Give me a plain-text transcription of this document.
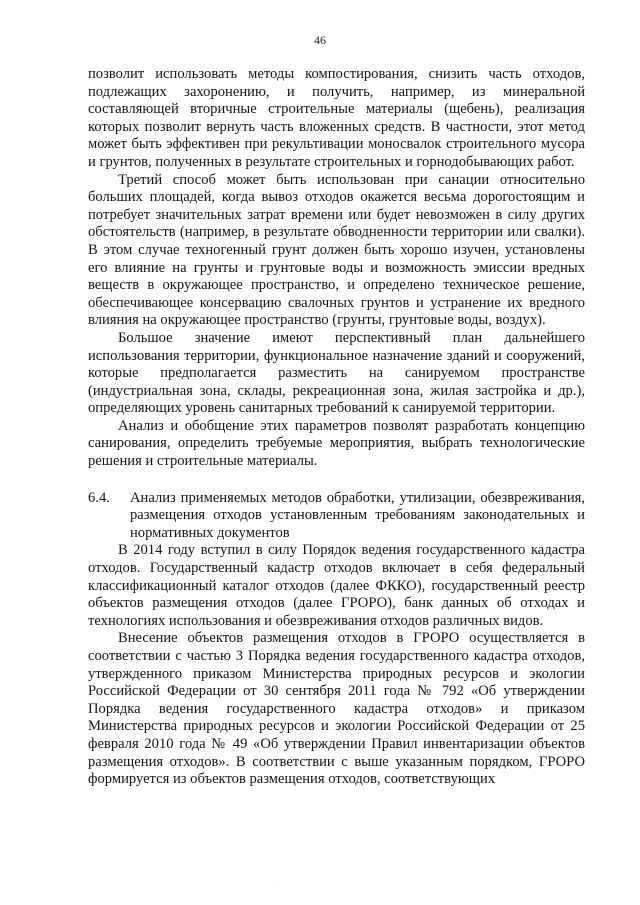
46

позволит использовать методы компостирования, снизить часть отходов, подлежащих захоронению, и получить, например, из минеральной составляющей вторичные строительные материалы (щебень), реализация которых позволит вернуть часть вложенных средств. В частности, этот метод может быть эффективен при рекультивации моносвалок строительного мусора и грунтов, полученных в результате строительных и горнодобывающих работ.

Третий способ может быть использован при санации относительно больших площадей, когда вывоз отходов окажется весьма дорогостоящим и потребует значительных затрат времени или будет невозможен в силу других обстоятельств (например, в результате обводненности территории или свалки). В этом случае техногенный грунт должен быть хорошо изучен, установлены его влияние на грунты и грунтовые воды и возможность эмиссии вредных веществ в окружающее пространство, и определено техническое решение, обеспечивающее консервацию свалочных грунтов и устранение их вредного влияния на окружающее пространство (грунты, грунтовые воды, воздух).

Большое значение имеют перспективный план дальнейшего использования территории, функциональное назначение зданий и сооружений, которые предполагается разместить на санируемом пространстве (индустриальная зона, склады, рекреационная зона, жилая застройка и др.), определяющих уровень санитарных требований к санируемой территории.

Анализ и обобщение этих параметров позволят разработать концепцию санирования, определить требуемые мероприятия, выбрать технологические решения и строительные материалы.

6.4.	Анализ применяемых методов обработки, утилизации, обезвреживания, размещения отходов установленным требованиям законодательных и нормативных документов

В 2014 году вступил в силу Порядок ведения государственного кадастра отходов. Государственный кадастр отходов включает в себя федеральный классификационный каталог отходов (далее ФККО), государственный реестр объектов размещения отходов (далее ГРОРО), банк данных об отходах и технологиях использования и обезвреживания отходов различных видов.

Внесение объектов размещения отходов в ГРОРО осуществляется в соответствии с частью 3 Порядка ведения государственного кадастра отходов, утвержденного приказом Министерства природных ресурсов и экологии Российской Федерации от 30 сентября 2011 года № 792 «Об утверждении Порядка ведения государственного кадастра отходов» и приказом Министерства природных ресурсов и экологии Российской Федерации от 25 февраля 2010 года № 49 «Об утверждении Правил инвентаризации объектов размещения отходов». В соответствии с выше указанным порядком, ГРОРО формируется из объектов размещения отходов, соответствующих

·
